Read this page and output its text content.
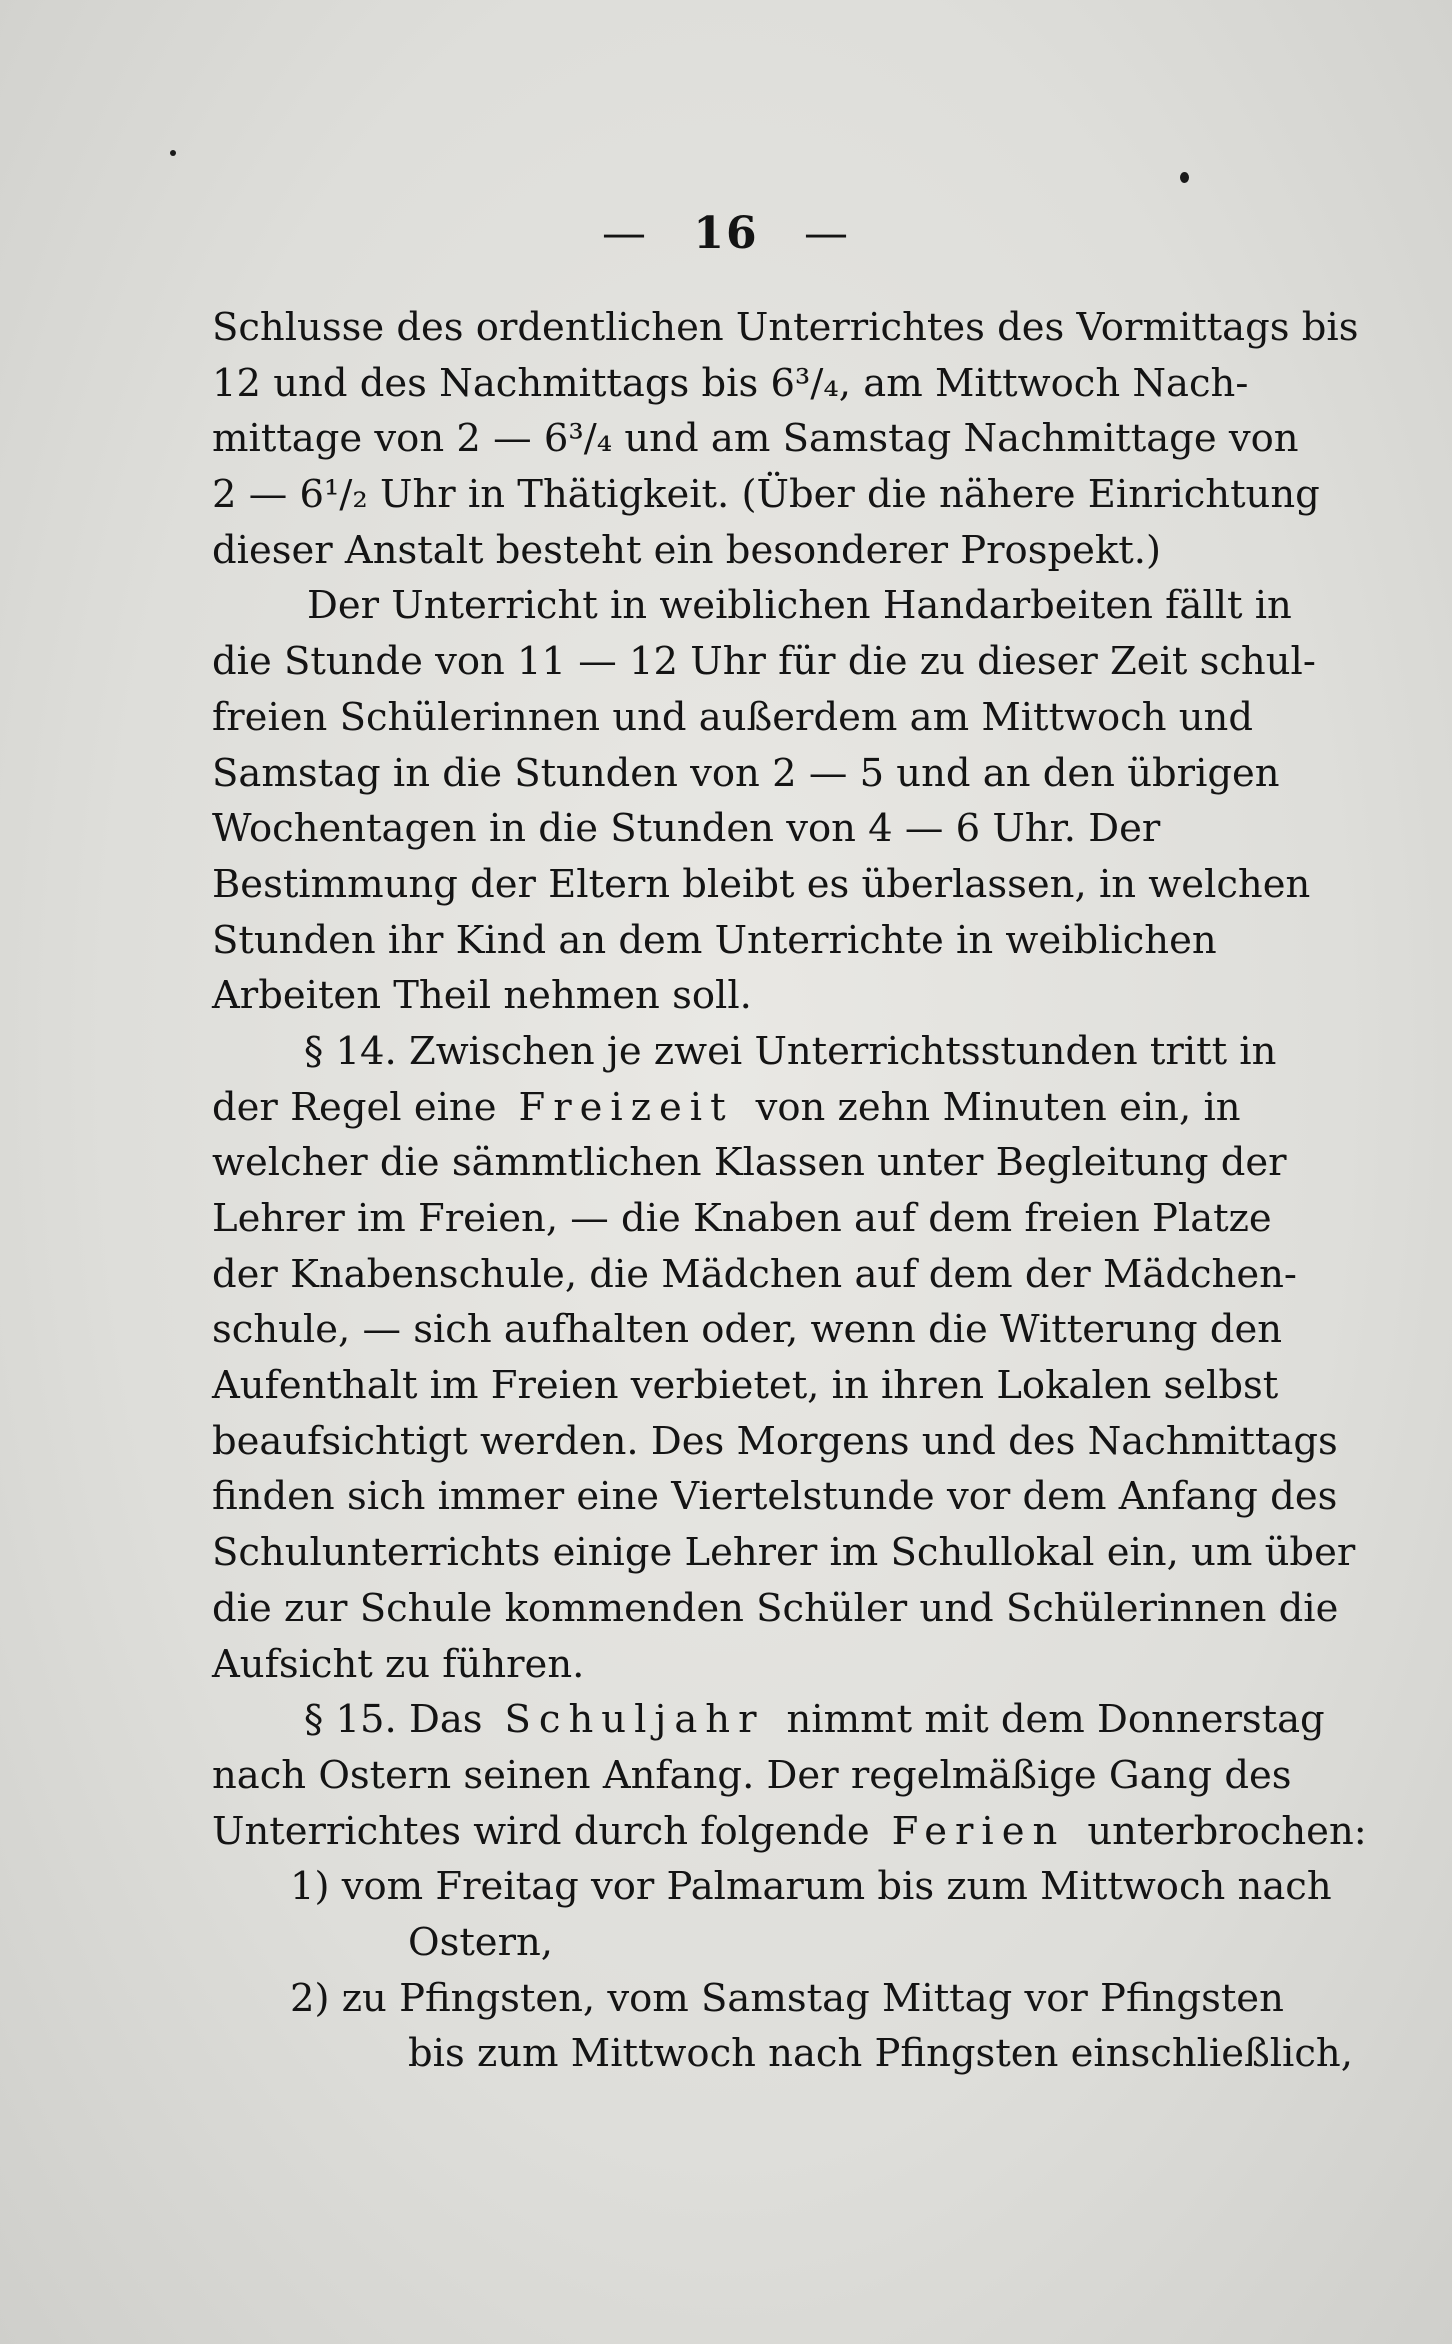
— 16 —
Schlusse des ordentlichen Unterrichtes des Vormittags bis
12 und des Nachmittags bis 6³/₄, am Mittwoch Nach-
mittage von 2 — 6³/₄ und am Samstag Nachmittage von
2 — 6¹/₂ Uhr in Thätigkeit. (Über die nähere Einrichtung
dieser Anstalt besteht ein besonderer Prospekt.)
Der Unterricht in weiblichen Handarbeiten fällt in
die Stunde von 11 — 12 Uhr für die zu dieser Zeit schul-
freien Schülerinnen und außerdem am Mittwoch und
Samstag in die Stunden von 2 — 5 und an den übrigen
Wochentagen in die Stunden von 4 — 6 Uhr. Der
Bestimmung der Eltern bleibt es überlassen, in welchen
Stunden ihr Kind an dem Unterrichte in weiblichen
Arbeiten Theil nehmen soll.
§ 14. Zwischen je zwei Unterrichtsstunden tritt in
der Regel eine Freizeit von zehn Minuten ein, in
welcher die sämmtlichen Klassen unter Begleitung der
Lehrer im Freien, — die Knaben auf dem freien Platze
der Knabenschule, die Mädchen auf dem der Mädchen-
schule, — sich aufhalten oder, wenn die Witterung den
Aufenthalt im Freien verbietet, in ihren Lokalen selbst
beaufsichtigt werden. Des Morgens und des Nachmittags
finden sich immer eine Viertelstunde vor dem Anfang des
Schulunterrichts einige Lehrer im Schullokal ein, um über
die zur Schule kommenden Schüler und Schülerinnen die
Aufsicht zu führen.
§ 15. Das Schuljahr nimmt mit dem Donnerstag
nach Ostern seinen Anfang. Der regelmäßige Gang des
Unterrichtes wird durch folgende Ferien unterbrochen:
1) vom Freitag vor Palmarum bis zum Mittwoch nach
Ostern,
2) zu Pfingsten, vom Samstag Mittag vor Pfingsten
bis zum Mittwoch nach Pfingsten einschließlich,
